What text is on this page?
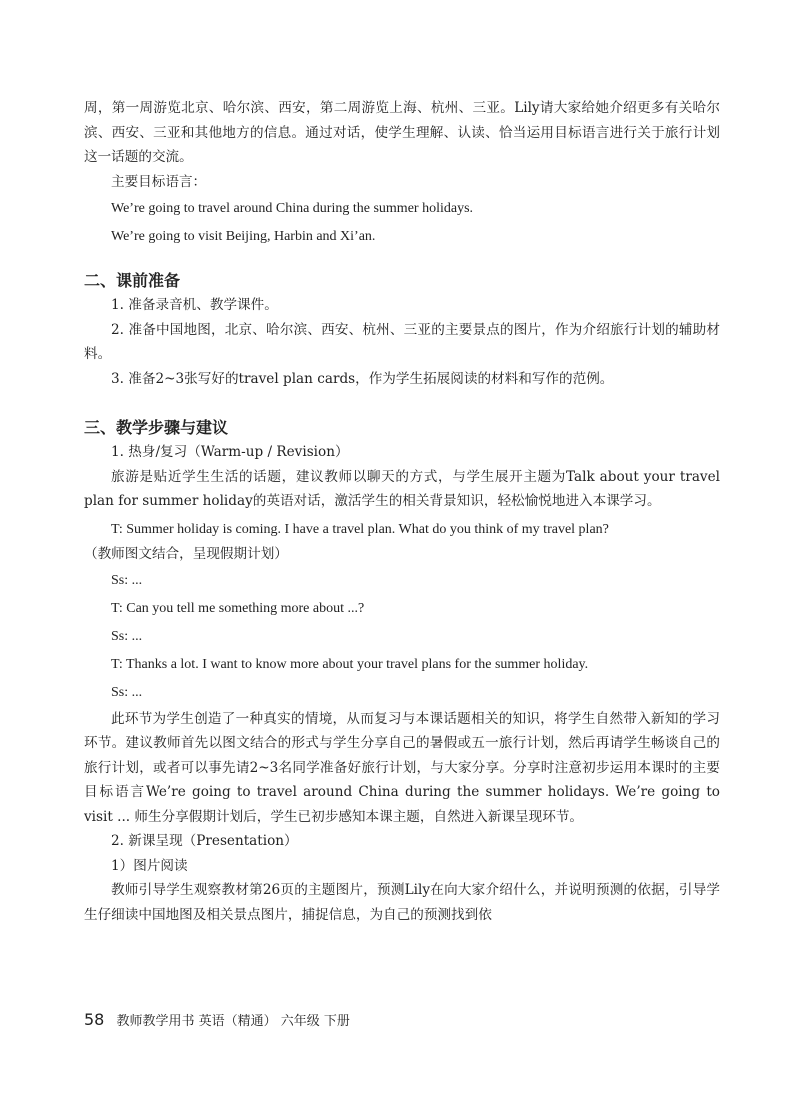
周，第一周游览北京、哈尔滨、西安，第二周游览上海、杭州、三亚。Lily请大家给她介绍更多有关哈尔滨、西安、三亚和其他地方的信息。通过对话，使学生理解、认读、恰当运用目标语言进行关于旅行计划这一话题的交流。

主要目标语言：

We’re going to travel around China during the summer holidays.

We’re going to visit Beijing, Harbin and Xi’an.

二、课前准备

1. 准备录音机、教学课件。

2. 准备中国地图，北京、哈尔滨、西安、杭州、三亚的主要景点的图片，作为介绍旅行计划的辅助材料。

3. 准备2~3张写好的travel plan cards，作为学生拓展阅读的材料和写作的范例。

三、教学步骤与建议

1. 热身/复习（Warm-up / Revision）

旅游是贴近学生生活的话题，建议教师以聊天的方式，与学生展开主题为Talk about your travel plan for summer holiday的英语对话，激活学生的相关背景知识，轻松愉悦地进入本课学习。

T: Summer holiday is coming. I have a travel plan. What do you think of my travel plan?

（教师图文结合，呈现假期计划）

Ss: ...

T: Can you tell me something more about ...?

Ss: ...

T: Thanks a lot. I want to know more about your travel plans for the summer holiday.

Ss: ...

此环节为学生创造了一种真实的情境，从而复习与本课话题相关的知识，将学生自然带入新知的学习环节。建议教师首先以图文结合的形式与学生分享自己的暑假或五一旅行计划，然后再请学生畅谈自己的旅行计划，或者可以事先请2~3名同学准备好旅行计划，与大家分享。分享时注意初步运用本课时的主要目标语言We’re going to travel around China during the summer holidays. We’re going to visit ... 师生分享假期计划后，学生已初步感知本课主题，自然进入新课呈现环节。

2. 新课呈现（Presentation）

1）图片阅读

教师引导学生观察教材第26页的主题图片，预测Lily在向大家介绍什么，并说明预测的依据，引导学生仔细读中国地图及相关景点图片，捕捉信息，为自己的预测找到依

58 教师教学用书 英语（精通） 六年级 下册
